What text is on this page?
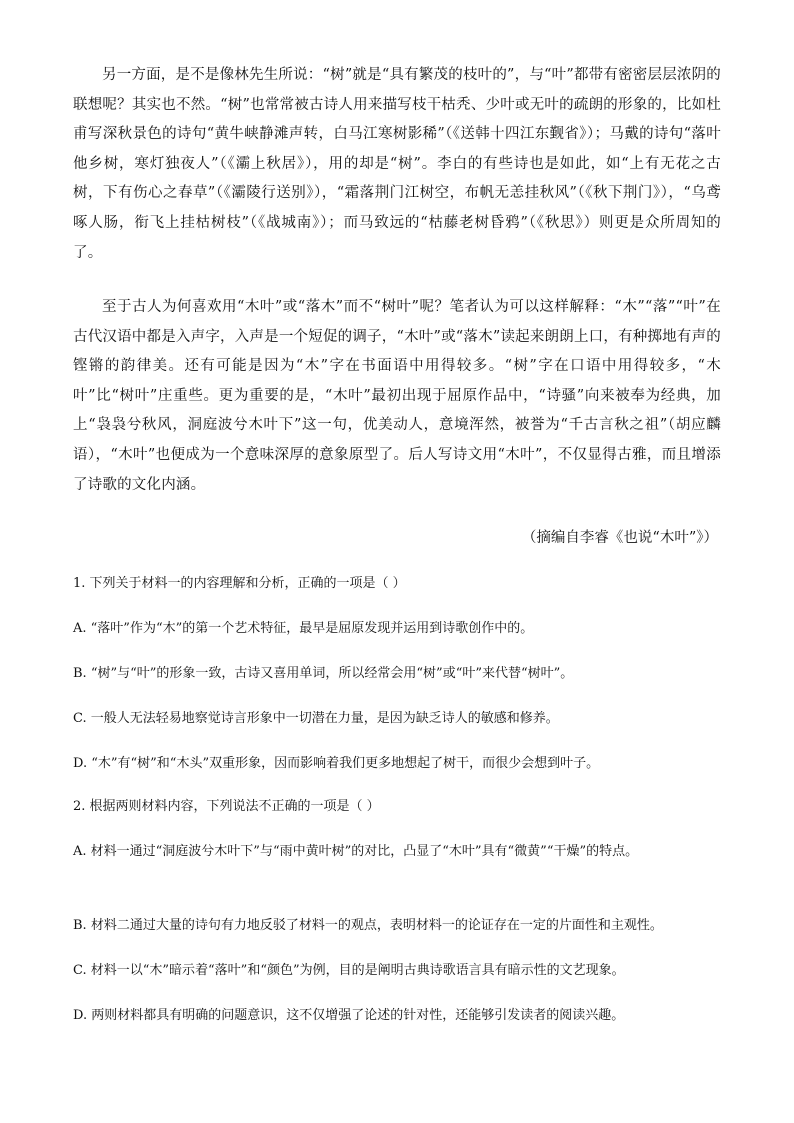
另一方面，是不是像林先生所说：“树”就是“具有繁茂的枝叶的”，与“叶”都带有密密层层浓阴的联想呢？其实也不然。“树”也常常被古诗人用来描写枝干枯秃、少叶或无叶的疏朗的形象的，比如杜甫写深秋景色的诗句“黄牛峡静滩声转，白马江寒树影稀”（《送韩十四江东觐省》）；马戴的诗句“落叶他乡树，寒灯独夜人”（《灞上秋居》），用的却是“树”。李白的有些诗也是如此，如“上有无花之古树，下有伤心之春草”（《灞陵行送别》），“霜落荆门江树空，布帆无恙挂秋风”（《秋下荆门》），“乌鸢啄人肠，衔飞上挂枯树枝”（《战城南》）；而马致远的“枯藤老树昏鸦”（《秋思》）则更是众所周知的了。

至于古人为何喜欢用“木叶”或“落木”而不“树叶”呢？笔者认为可以这样解释：“木”“落”“叶”在古代汉语中都是入声字，入声是一个短促的调子，“木叶”或“落木”读起来朗朗上口，有种掷地有声的铿锵的韵律美。还有可能是因为“木”字在书面语中用得较多。“树”字在口语中用得较多，“木叶”比“树叶”庄重些。更为重要的是，“木叶”最初出现于屈原作品中，“诗骚”向来被奉为经典，加上“袅袅兮秋风，洞庭波兮木叶下”这一句，优美动人，意境浑然，被誉为“千古言秋之祖”（胡应麟语），“木叶”也便成为一个意味深厚的意象原型了。后人写诗文用“木叶”，不仅显得古雅，而且增添了诗歌的文化内涵。

（摘编自李睿《也说“木叶”》）

1. 下列关于材料一的内容理解和分析，正确的一项是（ ）

A. “落叶”作为“木”的第一个艺术特征，最早是屈原发现并运用到诗歌创作中的。

B. “树”与“叶”的形象一致，古诗又喜用单词，所以经常会用“树”或“叶”来代替“树叶”。

C. 一般人无法轻易地察觉诗言形象中一切潜在力量，是因为缺乏诗人的敏感和修养。

D. “木”有“树”和“木头”双重形象，因而影响着我们更多地想起了树干，而很少会想到叶子。

2. 根据两则材料内容，下列说法不正确的一项是（ ）

A. 材料一通过“洞庭波兮木叶下”与“雨中黄叶树”的对比，凸显了“木叶”具有“微黄”“干燥”的特点。

B. 材料二通过大量的诗句有力地反驳了材料一的观点，表明材料一的论证存在一定的片面性和主观性。

C. 材料一以“木”暗示着“落叶”和“颜色”为例，目的是阐明古典诗歌语言具有暗示性的文艺现象。

D. 两则材料都具有明确的问题意识，这不仅增强了论述的针对性，还能够引发读者的阅读兴趣。
